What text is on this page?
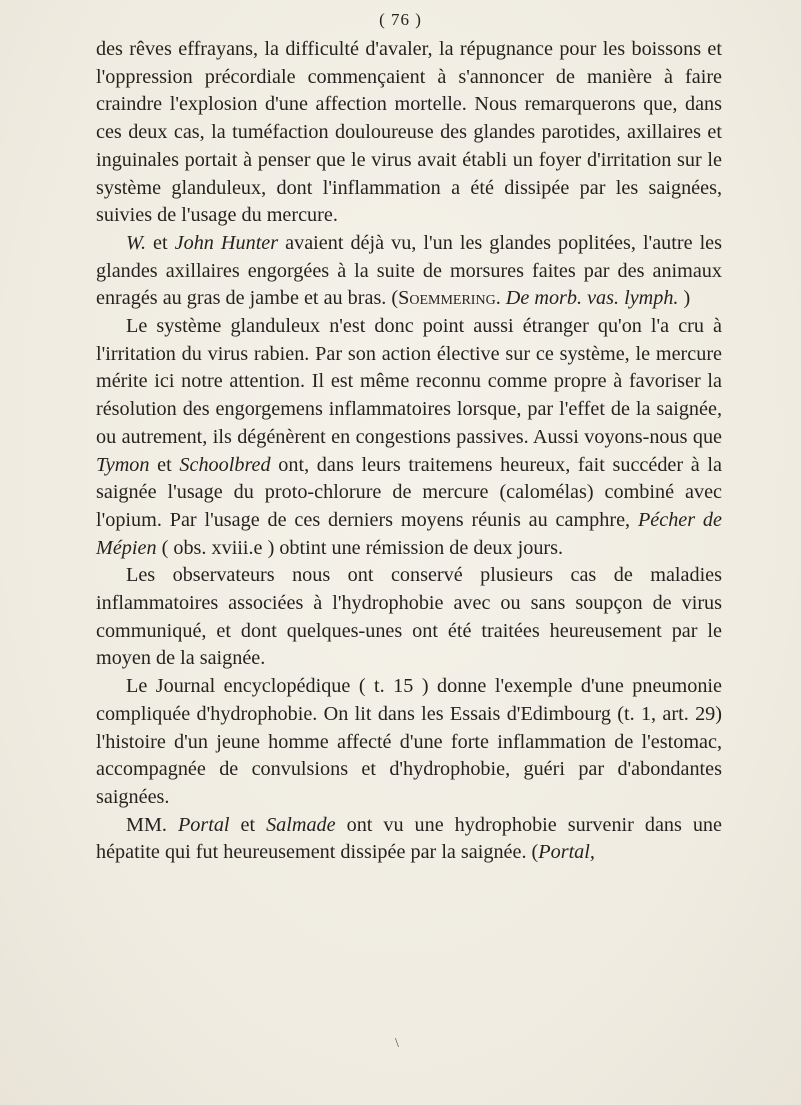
( 76 )

des rêves effrayans, la difficulté d'avaler, la répugnance pour les boissons et l'oppression précordiale commençaient à s'annoncer de manière à faire craindre l'explosion d'une affection mortelle. Nous remarquerons que, dans ces deux cas, la tuméfaction douloureuse des glandes parotides, axillaires et inguinales portait à penser que le virus avait établi un foyer d'irritation sur le système glanduleux, dont l'inflammation a été dissipée par les saignées, suivies de l'usage du mercure.

W. et John Hunter avaient déjà vu, l'un les glandes poplitées, l'autre les glandes axillaires engorgées à la suite de morsures faites par des animaux enragés au gras de jambe et au bras. (Soemmering. De morb. vas. lymph. )

Le système glanduleux n'est donc point aussi étranger qu'on l'a cru à l'irritation du virus rabien. Par son action élective sur ce système, le mercure mérite ici notre attention. Il est même reconnu comme propre à favoriser la résolution des engorgemens inflammatoires lorsque, par l'effet de la saignée, ou autrement, ils dégénèrent en congestions passives. Aussi voyons-nous que Tymon et Schoolbred ont, dans leurs traitemens heureux, fait succéder à la saignée l'usage du proto-chlorure de mercure (calomélas) combiné avec l'opium. Par l'usage de ces derniers moyens réunis au camphre, Pécher de Mépien ( obs. xviii.e ) obtint une rémission de deux jours.

Les observateurs nous ont conservé plusieurs cas de maladies inflammatoires associées à l'hydrophobie avec ou sans soupçon de virus communiqué, et dont quelques-unes ont été traitées heureusement par le moyen de la saignée.

Le Journal encyclopédique ( t. 15 ) donne l'exemple d'une pneumonie compliquée d'hydrophobie. On lit dans les Essais d'Edimbourg (t. 1, art. 29) l'histoire d'un jeune homme affecté d'une forte inflammation de l'estomac, accompagnée de convulsions et d'hydrophobie, guéri par d'abondantes saignées.

MM. Portal et Salmade ont vu une hydrophobie survenir dans une hépatite qui fut heureusement dissipée par la saignée. (Portal,

\
